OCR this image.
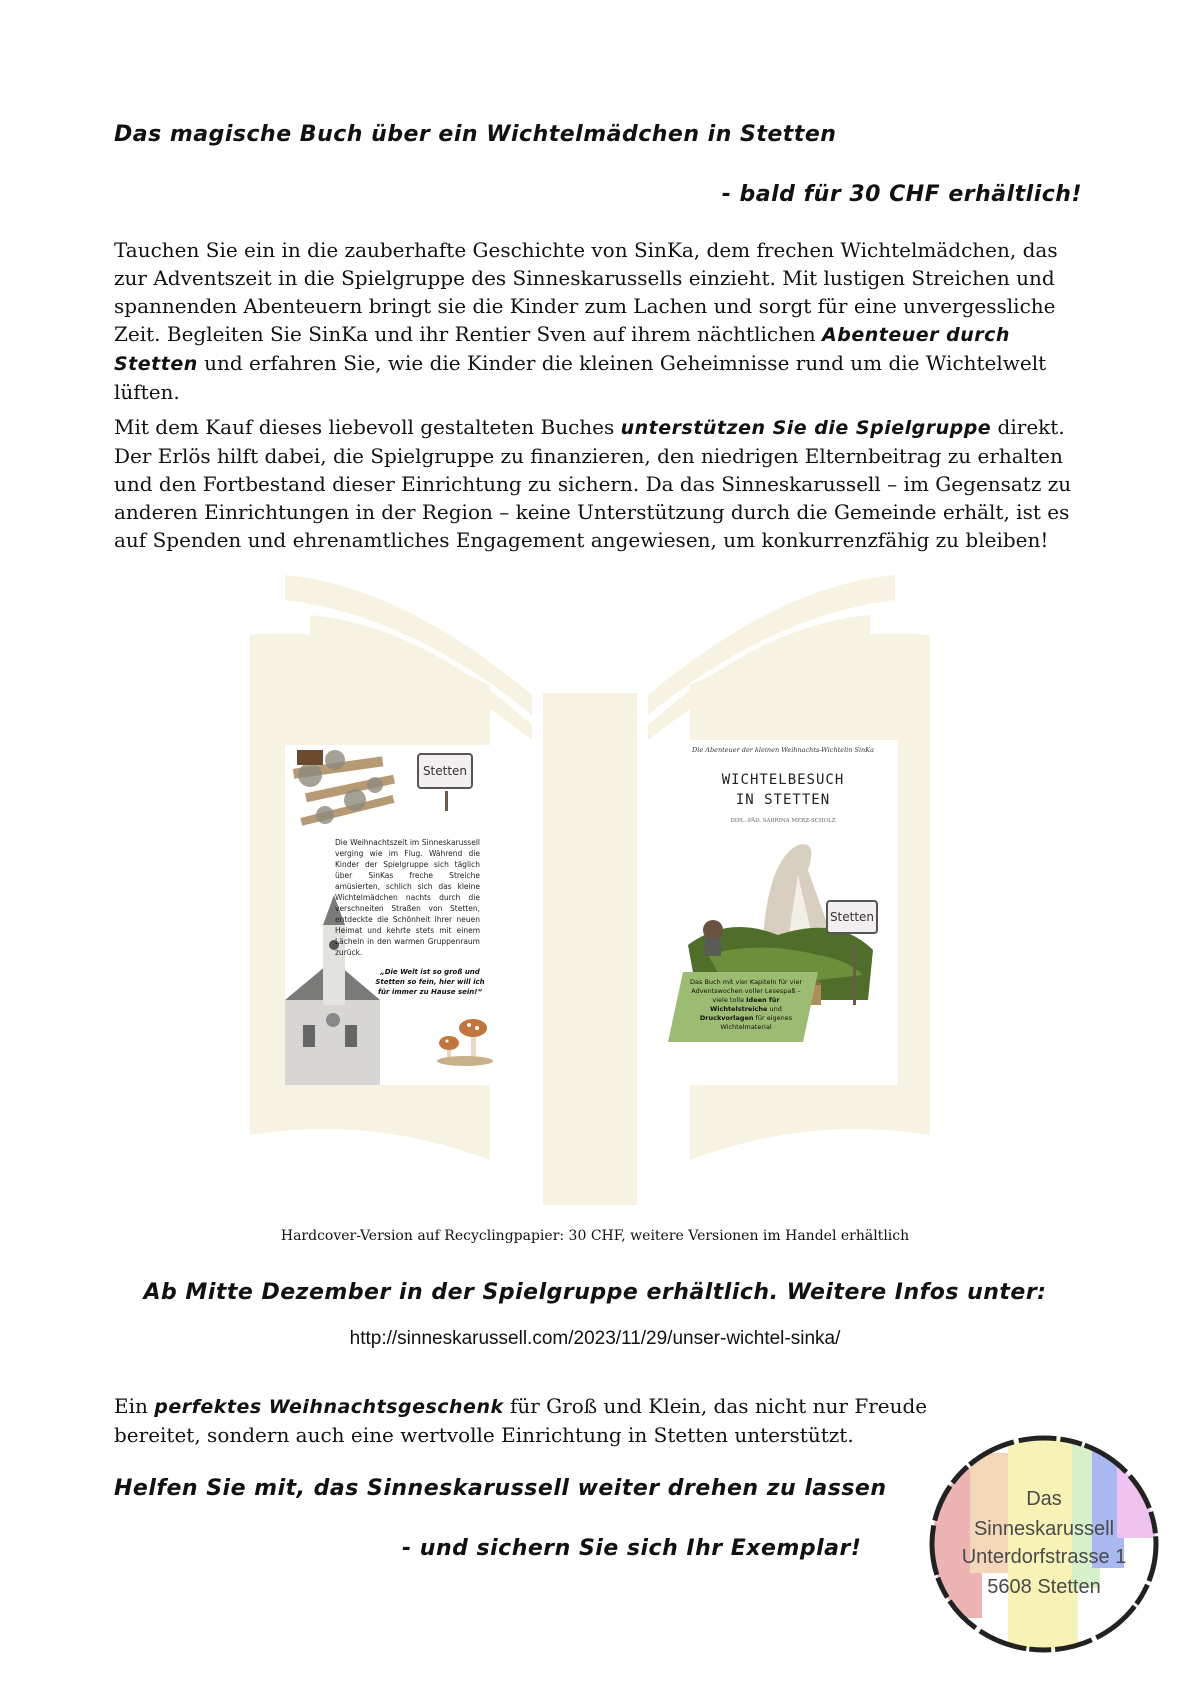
Das magische Buch über ein Wichtelmädchen in Stetten
- bald für 30 CHF erhältlich!
Tauchen Sie ein in die zauberhafte Geschichte von SinKa, dem frechen Wichtelmädchen, das zur Adventszeit in die Spielgruppe des Sinneskarussells einzieht. Mit lustigen Streichen und spannenden Abenteuern bringt sie die Kinder zum Lachen und sorgt für eine unvergessliche Zeit. Begleiten Sie SinKa und ihr Rentier Sven auf ihrem nächtlichen Abenteuer durch Stetten und erfahren Sie, wie die Kinder die kleinen Geheimnisse rund um die Wichtelwelt lüften.
Mit dem Kauf dieses liebevoll gestalteten Buches unterstützen Sie die Spielgruppe direkt. Der Erlös hilft dabei, die Spielgruppe zu finanzieren, den niedrigen Elternbeitrag zu erhalten und den Fortbestand dieser Einrichtung zu sichern. Da das Sinneskarussell – im Gegensatz zu anderen Einrichtungen in der Region – keine Unterstützung durch die Gemeinde erhält, ist es auf Spenden und ehrenamtliches Engagement angewiesen, um konkurrenzfähig zu bleiben!
Stetten
Die Weihnachtszeit im Sinneskarussell verging wie im Flug. Während die Kinder der Spielgruppe sich täglich über SinKas freche Streiche amüsierten, schlich sich das kleine Wichtelmädchen nachts durch die verschneiten Straßen von Stetten, entdeckte die Schönheit ihrer neuen Heimat und kehrte stets mit einem Lächeln in den warmen Gruppenraum zurück.
„Die Welt ist so groß und Stetten so fein, hier will ich für immer zu Hause sein!“
Die Abenteuer der kleinen Weihnachts-Wichtelin SinKa
WICHTELBESUCH
IN STETTEN
DIPL.-PÄD. SABRINA MERZ-SCHOLZ
Stetten
Das Buch mit vier Kapiteln für vier Adventswochen voller Lesespaß – viele tolle Ideen für Wichtelstreiche und Druckvorlagen für eigenes Wichtelmaterial
Hardcover-Version auf Recyclingpapier: 30 CHF, weitere Versionen im Handel erhältlich
Ab Mitte Dezember in der Spielgruppe erhältlich. Weitere Infos unter:
http://sinneskarussell.com/2023/11/29/unser-wichtel-sinka/
Ein perfektes Weihnachtsgeschenk für Groß und Klein, das nicht nur Freude bereitet, sondern auch eine wertvolle Einrichtung in Stetten unterstützt.
Helfen Sie mit, das Sinneskarussell weiter drehen zu lassen
- und sichern Sie sich Ihr Exemplar!
Das
Sinneskarussell
Unterdorfstrasse 1
5608 Stetten
